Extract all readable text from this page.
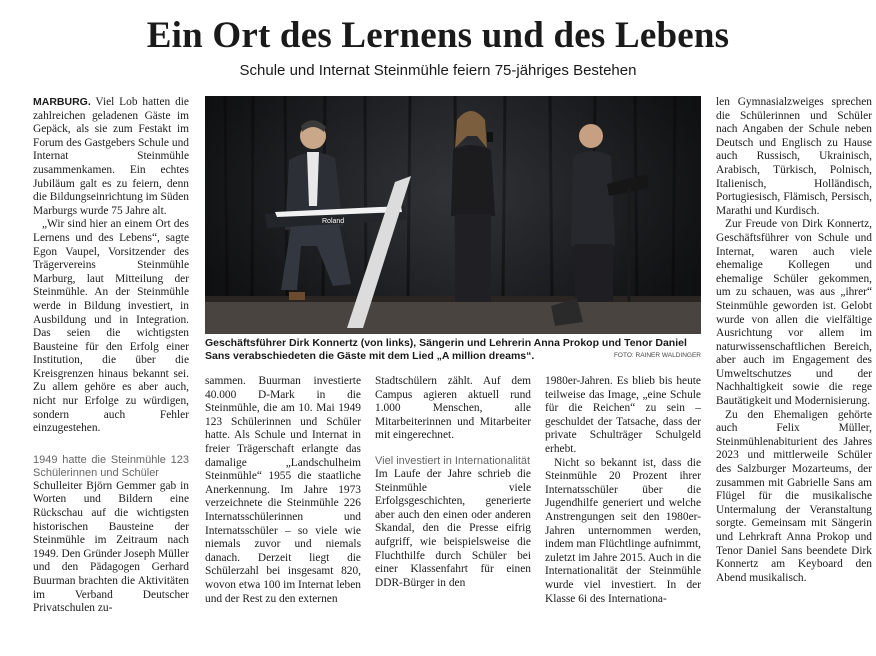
Ein Ort des Lernens und des Lebens
Schule und Internat Steinmühle feiern 75-jähriges Bestehen

MARBURG. Viel Lob hatten die zahlreichen geladenen Gäste im Gepäck, als sie zum Festakt im Forum des Gastgebers Schule und Internat Steinmühle zusammenkamen. Ein echtes Jubiläum galt es zu feiern, denn die Bildungseinrichtung im Süden Marburgs wurde 75 Jahre alt.

„Wir sind hier an einem Ort des Lernens und des Lebens“, sagte Egon Vaupel, Vorsitzender des Trägervereins Steinmühle Marburg, laut Mitteilung der Steinmühle. An der Steinmühle werde in Bildung investiert, in Ausbildung und in Integration. Das seien die wichtigsten Bausteine für den Erfolg einer Institution, die über die Kreisgrenzen hinaus bekannt sei. Zu allem gehöre es aber auch, nicht nur Erfolge zu würdigen, sondern auch Fehler einzugestehen.

1949 hatte die Steinmühle 123 Schülerinnen und Schüler

Schulleiter Björn Gemmer gab in Worten und Bildern eine Rückschau auf die wichtigsten historischen Bausteine der Steinmühle im Zeitraum nach 1949. Den Gründer Joseph Müller und den Pädagogen Gerhard Buurman brachten die Aktivitäten im Verband Deutscher Privatschulen zu-

Roland
Geschäftsführer Dirk Konnertz (von links), Sängerin und Lehrerin Anna Prokop und Tenor Daniel Sans verabschiedeten die Gäste mit dem Lied „A million dreams“.	FOTO: RAINER WALDINGER

sammen. Buurman investierte 40.000 D-Mark in die Steinmühle, die am 10. Mai 1949 123 Schülerinnen und Schüler hatte. Als Schule und Internat in freier Trägerschaft erlangte das damalige „Landschulheim Steinmühle“ 1955 die staatliche Anerkennung. Im Jahre 1973 verzeichnete die Steinmühle 226 Internatsschülerinnen und Internatsschüler – so viele wie niemals zuvor und niemals danach. Derzeit liegt die Schülerzahl bei insgesamt 820, wovon etwa 100 im Internat leben und der Rest zu den externen

Stadtschülern zählt. Auf dem Campus agieren aktuell rund 1.000 Menschen, alle Mitarbeiterinnen und Mitarbeiter mit eingerechnet.

Viel investiert in Internationalität

Im Laufe der Jahre schrieb die Steinmühle viele Erfolgsgeschichten, generierte aber auch den einen oder anderen Skandal, den die Presse eifrig aufgriff, wie beispielsweise die Fluchthilfe durch Schüler bei einer Klassenfahrt für einen DDR-Bürger in den

1980er-Jahren. Es blieb bis heute teilweise das Image, „eine Schule für die Reichen“ zu sein – geschuldet der Tatsache, dass der private Schulträger Schulgeld erhebt.

Nicht so bekannt ist, dass die Steinmühle 20 Prozent ihrer Internatsschüler über die Jugendhilfe generiert und welche Anstrengungen seit den 1980er-Jahren unternommen werden, indem man Flüchtlinge aufnimmt, zuletzt im Jahre 2015. Auch in die Internationalität der Steinmühle wurde viel investiert. In der Klasse 6i des Internationa-

len Gymnasialzweiges sprechen die Schülerinnen und Schüler nach Angaben der Schule neben Deutsch und Englisch zu Hause auch Russisch, Ukrainisch, Arabisch, Türkisch, Polnisch, Italienisch, Holländisch, Portugiesisch, Flämisch, Persisch, Marathi und Kurdisch.

Zur Freude von Dirk Konnertz, Geschäftsführer von Schule und Internat, waren auch viele ehemalige Kollegen und ehemalige Schüler gekommen, um zu schauen, was aus „ihrer“ Steinmühle geworden ist. Gelobt wurde von allen die vielfältige Ausrichtung vor allem im naturwissenschaftlichen Bereich, aber auch im Engagement des Umweltschutzes und der Nachhaltigkeit sowie die rege Bautätigkeit und Modernisierung.

Zu den Ehemaligen gehörte auch Felix Müller, Steinmühlenabiturient des Jahres 2023 und mittlerweile Schüler des Salzburger Mozarteums, der zusammen mit Gabrielle Sans am Flügel für die musikalische Untermalung der Veranstaltung sorgte. Gemeinsam mit Sängerin und Lehrkraft Anna Prokop und Tenor Daniel Sans beendete Dirk Konnertz am Keyboard den Abend musikalisch.
